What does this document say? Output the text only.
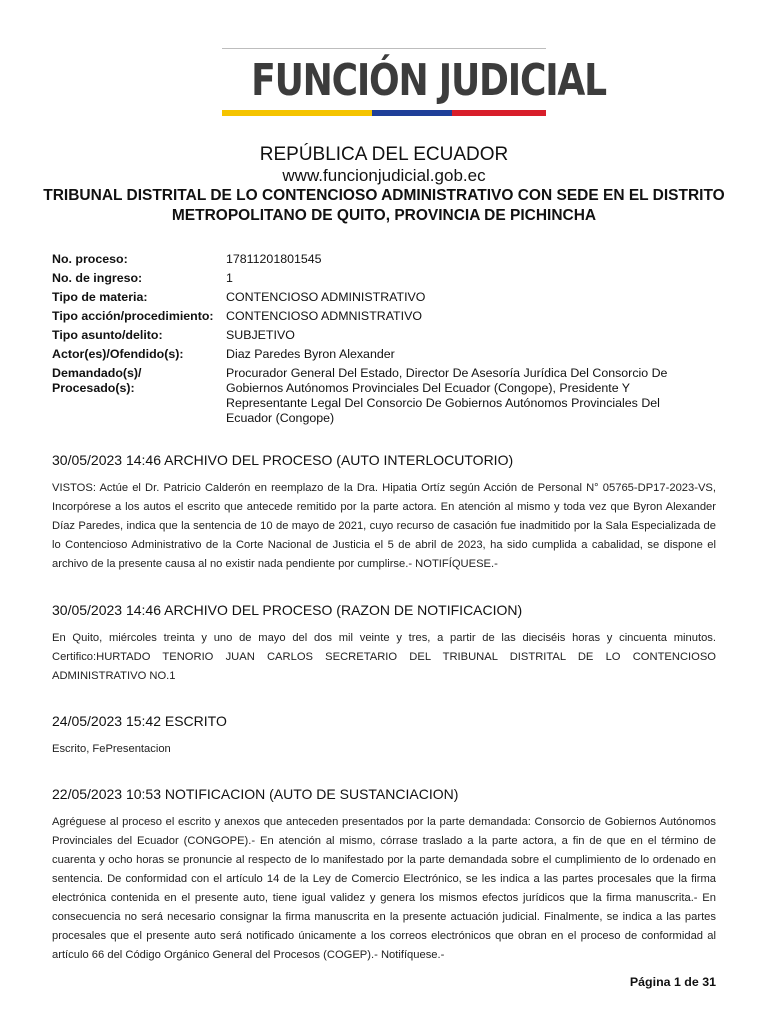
FUNCIÓN JUDICIAL
REPÚBLICA DEL ECUADOR
www.funcionjudicial.gob.ec
TRIBUNAL DISTRITAL DE LO CONTENCIOSO ADMINISTRATIVO CON SEDE EN EL DISTRITO METROPOLITANO DE QUITO, PROVINCIA DE PICHINCHA
No. proceso:	17811201801545
No. de ingreso:	1
Tipo de materia:	CONTENCIOSO ADMINISTRATIVO
Tipo acción/procedimiento:	CONTENCIOSO ADMNISTRATIVO
Tipo asunto/delito:	SUBJETIVO
Actor(es)/Ofendido(s):	Diaz Paredes Byron Alexander
Demandado(s)/ Procesado(s):
Procurador General Del Estado, Director De Asesoría Jurídica Del Consorcio De Gobiernos Autónomos Provinciales Del Ecuador (Congope), Presidente Y Representante Legal Del Consorcio De Gobiernos Autónomos Provinciales Del Ecuador (Congope)
30/05/2023 14:46 ARCHIVO DEL PROCESO (AUTO INTERLOCUTORIO)

VISTOS: Actúe el Dr. Patricio Calderón en reemplazo de la Dra. Hipatia Ortíz según Acción de Personal N° 05765-DP17-2023-VS, Incorpórese a los autos el escrito que antecede remitido por la parte actora. En atención al mismo y toda vez que Byron Alexander Díaz Paredes, indica que la sentencia de 10 de mayo de 2021, cuyo recurso de casación fue inadmitido por la Sala Especializada de lo Contencioso Administrativo de la Corte Nacional de Justicia el 5 de abril de 2023, ha sido cumplida a cabalidad, se dispone el archivo de la presente causa al no existir nada pendiente por cumplirse.- NOTIFÍQUESE.-

30/05/2023 14:46 ARCHIVO DEL PROCESO (RAZON DE NOTIFICACION)

En Quito, miércoles treinta y uno de mayo del dos mil veinte y tres, a partir de las dieciséis horas y cincuenta minutos. Certifico:HURTADO TENORIO JUAN CARLOS SECRETARIO DEL TRIBUNAL DISTRITAL DE LO CONTENCIOSO ADMINISTRATIVO NO.1

24/05/2023 15:42 ESCRITO

Escrito, FePresentacion

22/05/2023 10:53 NOTIFICACION (AUTO DE SUSTANCIACION)

Agréguese al proceso el escrito y anexos que anteceden presentados por la parte demandada: Consorcio de Gobiernos Autónomos Provinciales del Ecuador (CONGOPE).- En atención al mismo, córrase traslado a la parte actora, a fin de que en el término de cuarenta y ocho horas se pronuncie al respecto de lo manifestado por la parte demandada sobre el cumplimiento de lo ordenado en sentencia. De conformidad con el artículo 14 de la Ley de Comercio Electrónico, se les indica a las partes procesales que la firma electrónica contenida en el presente auto, tiene igual validez y genera los mismos efectos jurídicos que la firma manuscrita.- En consecuencia no será necesario consignar la firma manuscrita en la presente actuación judicial. Finalmente, se indica a las partes procesales que el presente auto será notificado únicamente a los correos electrónicos que obran en el proceso de conformidad al artículo 66 del Código Orgánico General del Procesos (COGEP).- Notifíquese.-

Página 1 de 31
